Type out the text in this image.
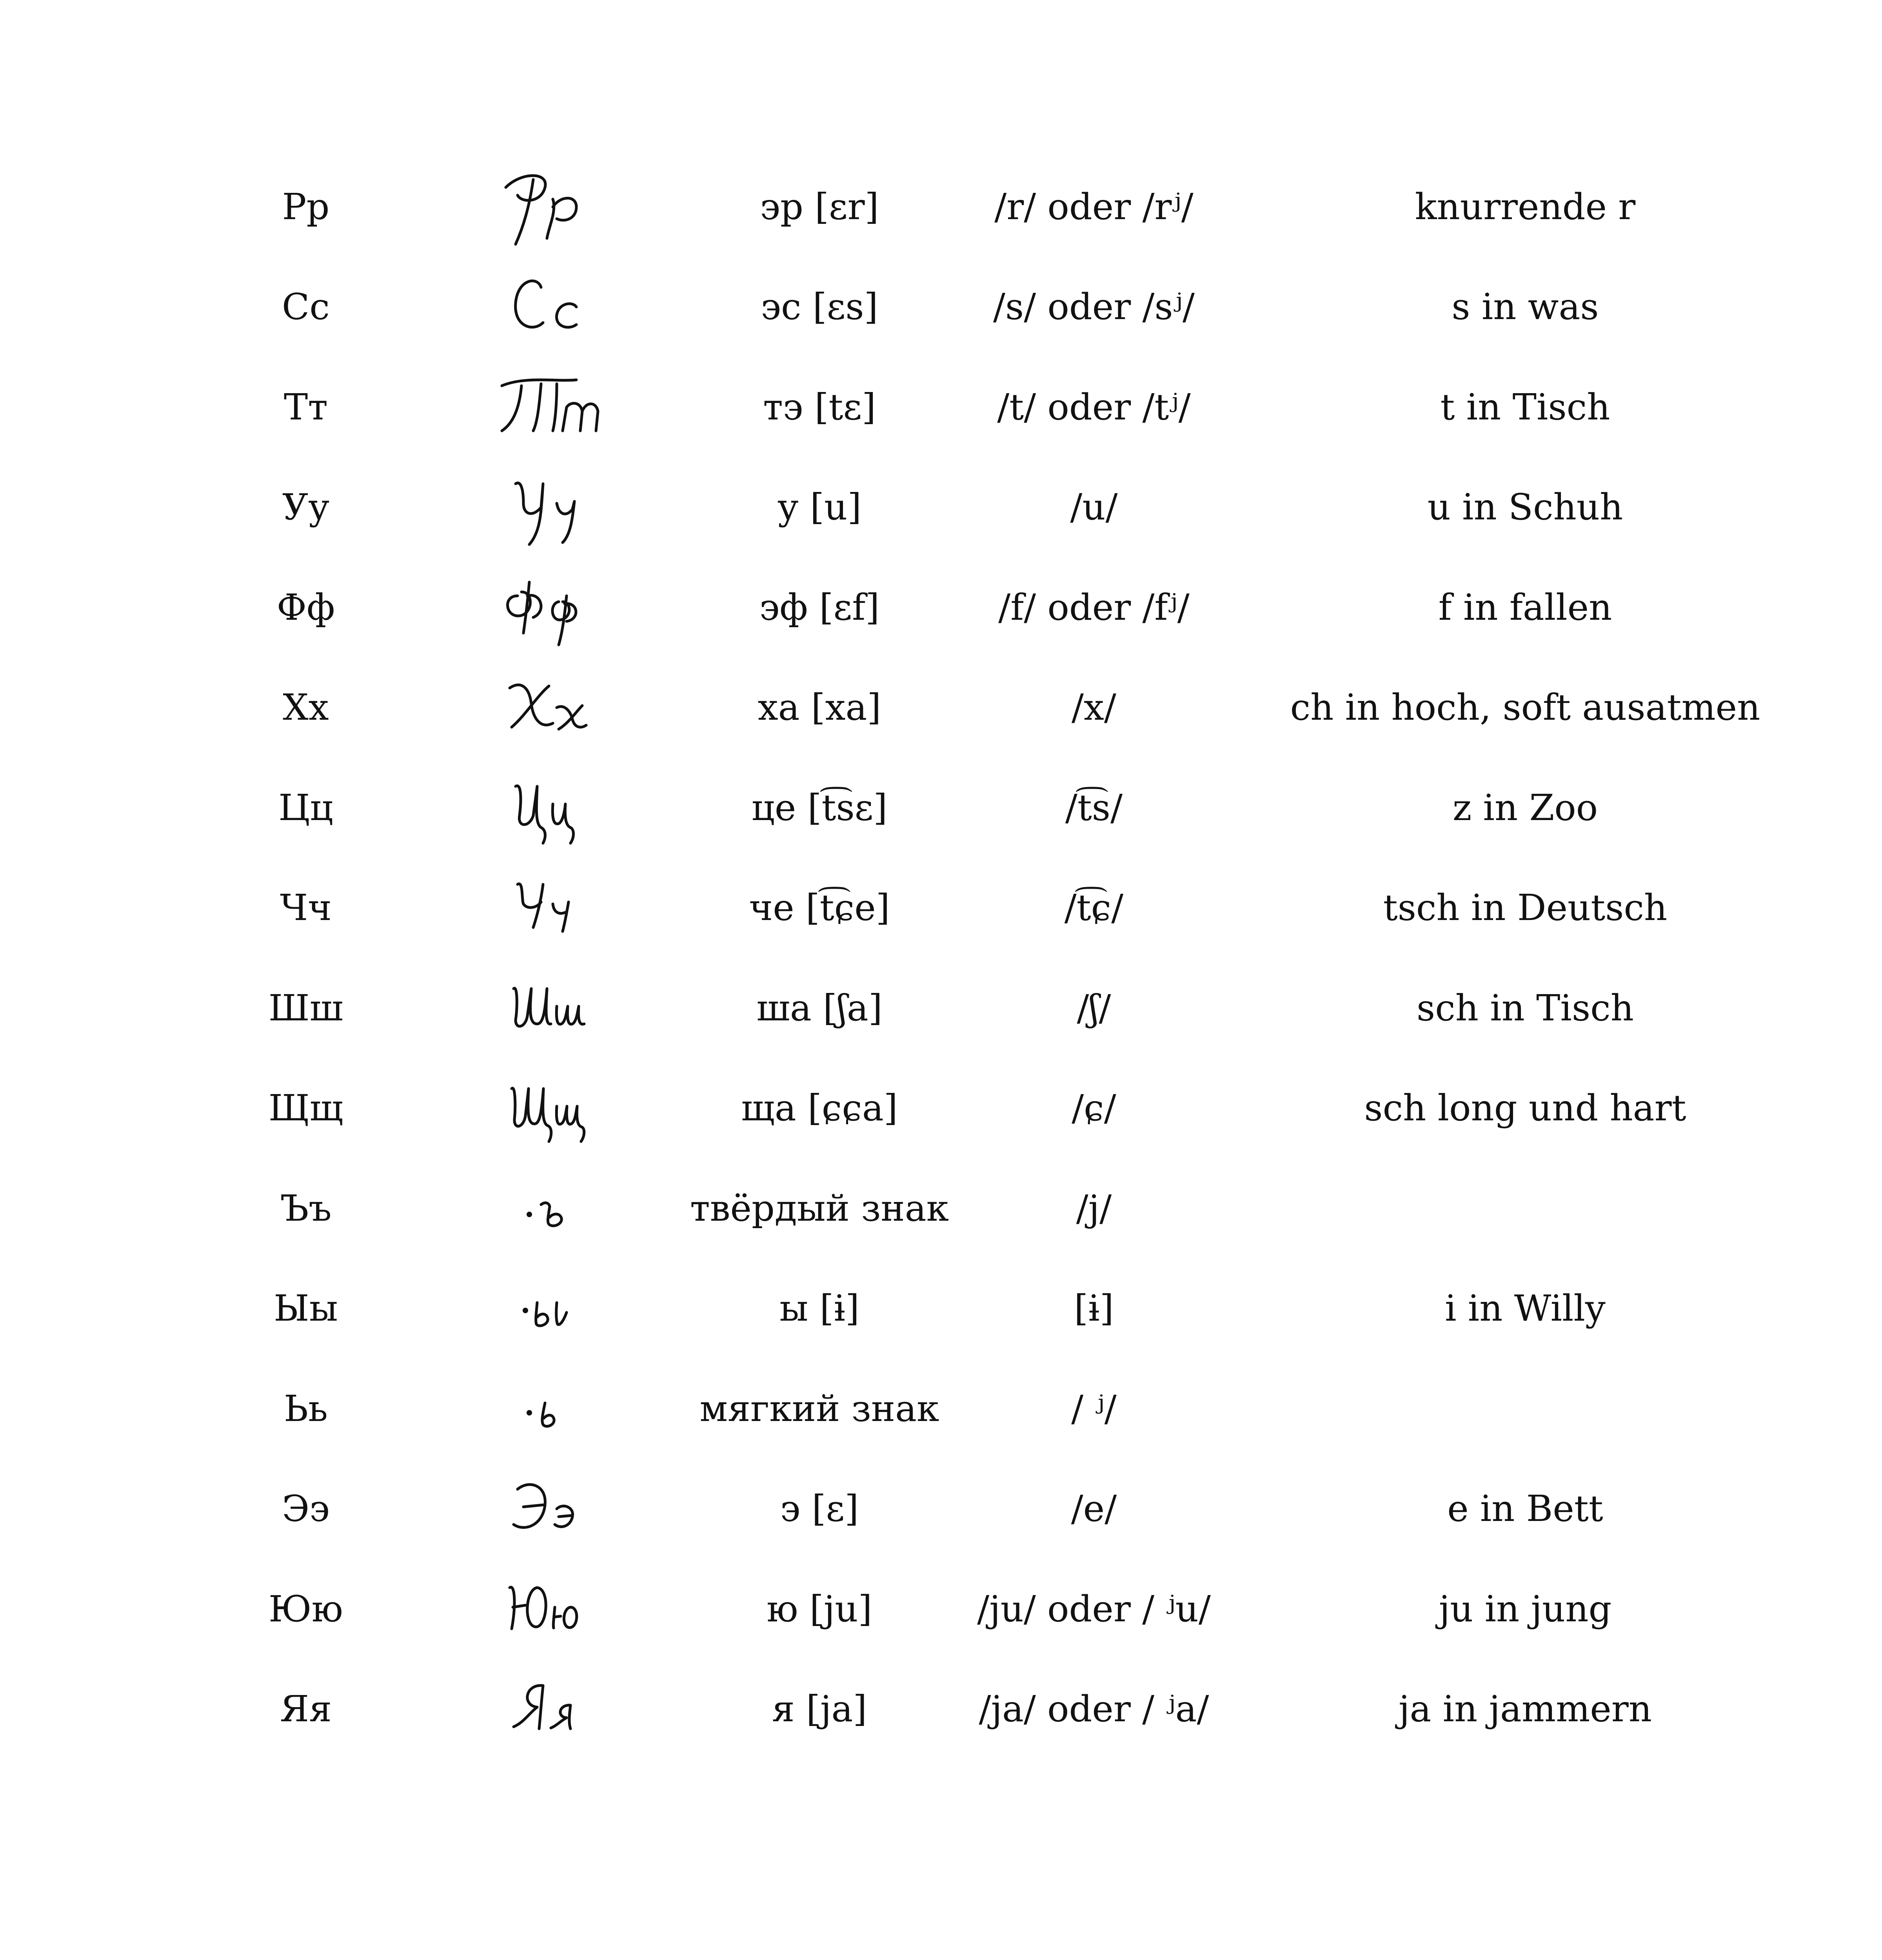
Рр	эр [ɛr]	/r/ oder /rʲ/	knurrende r
Сс	эс [ɛs]	/s/ oder /sʲ/	s in was
Тт	тэ [tɛ]	/t/ oder /tʲ/	t in Tisch
Уу	у [u]	/u/	u in Schuh
Фф	эф [ɛf]	/f/ oder /fʲ/	f in fallen
Хх	ха [xa]	/x/	ch in hoch, soft ausatmen
Цц	це [t͡sɛ]	/t͡s/	z in Zoo
Чч	че [t͡ɕe]	/t͡ɕ/	tsch in Deutsch
Шш	ша [ʃa]	/ʃ/	sch in Tisch
Щщ	ща [ɕɕa]	/ɕ/	sch long und hart
Ъъ	твёрдый знак	/j/
Ыы	ы [ɨ]	[ɨ]	i in Willy
Ьь	мягкий знак	/ ʲ/
Ээ	э [ɛ]	/e/	e in Bett
Юю	ю [ju]	/ju/ oder / ʲu/	ju in jung
Яя	я [ja]	/ja/ oder / ʲa/	ja in jammern
